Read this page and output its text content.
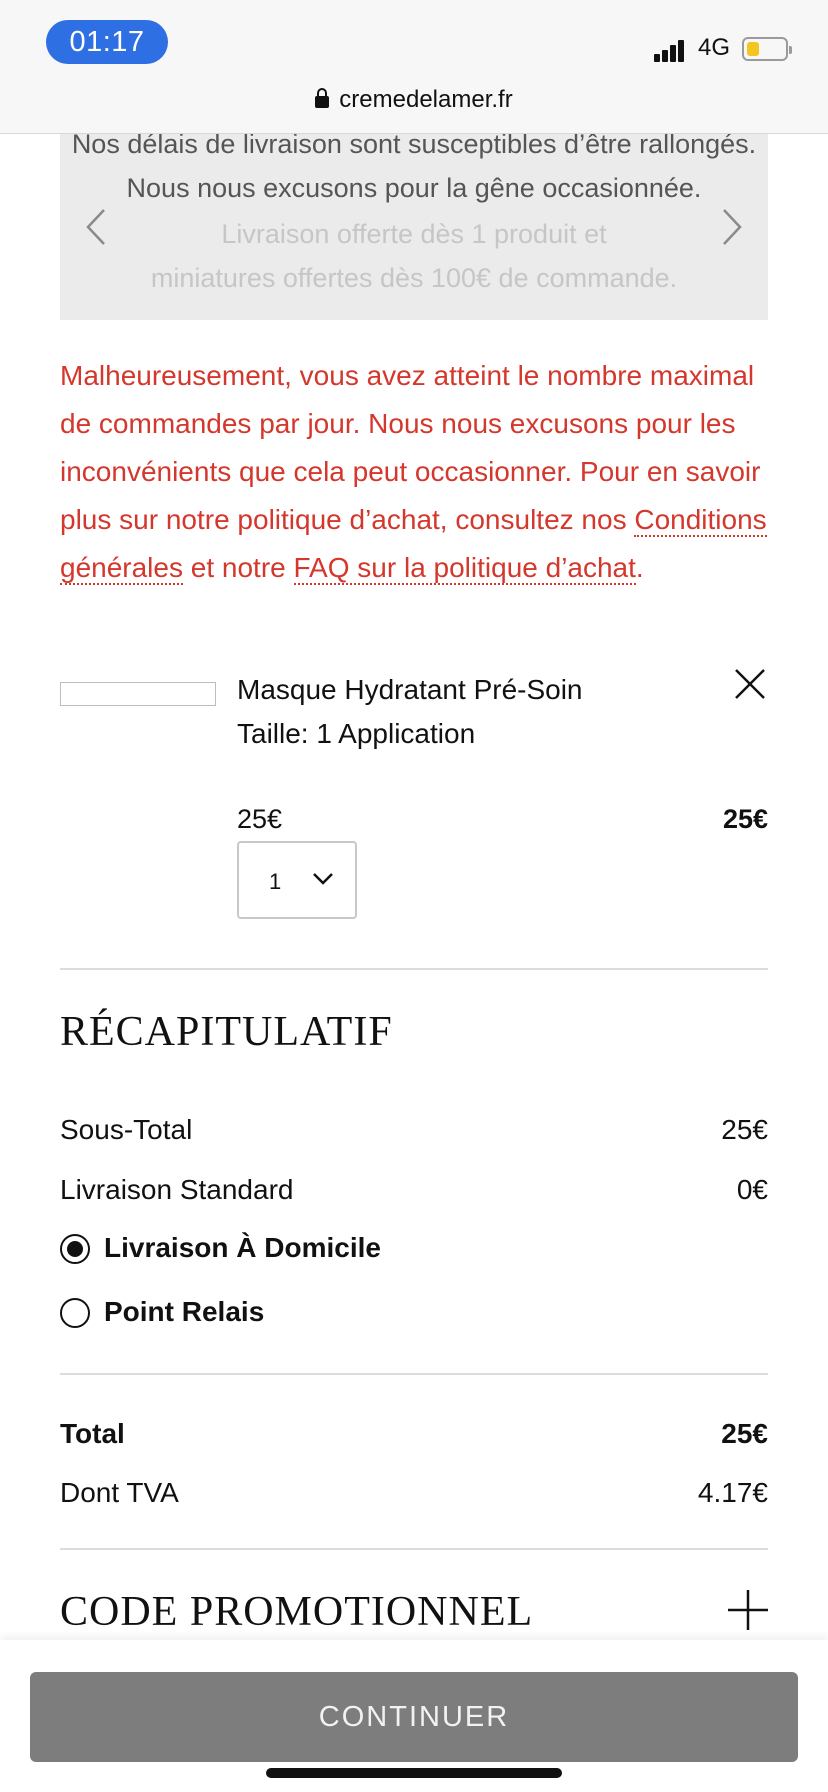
01:17	4G
cremedelamer.fr
Livraison offerte dès 1 produit et
miniatures offertes dès 100€ de commande.
Nos délais de livraison sont susceptibles d’être rallongés. Nous nous excusons pour la gêne occasionnée.
Malheureusement, vous avez atteint le nombre maximal de commandes par jour. Nous nous excusons pour les inconvénients que cela peut occasionner. Pour en savoir plus sur notre politique d’achat, consultez nos Conditions générales et notre FAQ sur la politique d’achat.
Masque Hydratant Pré-Soin
Taille: 1 Application
25€	25€
1
RÉCAPITULATIF
Sous-Total	25€
Livraison Standard	0€
Livraison À Domicile
Point Relais
Total	25€
Dont TVA	4.17€
CODE PROMOTIONNEL
CONTINUER
